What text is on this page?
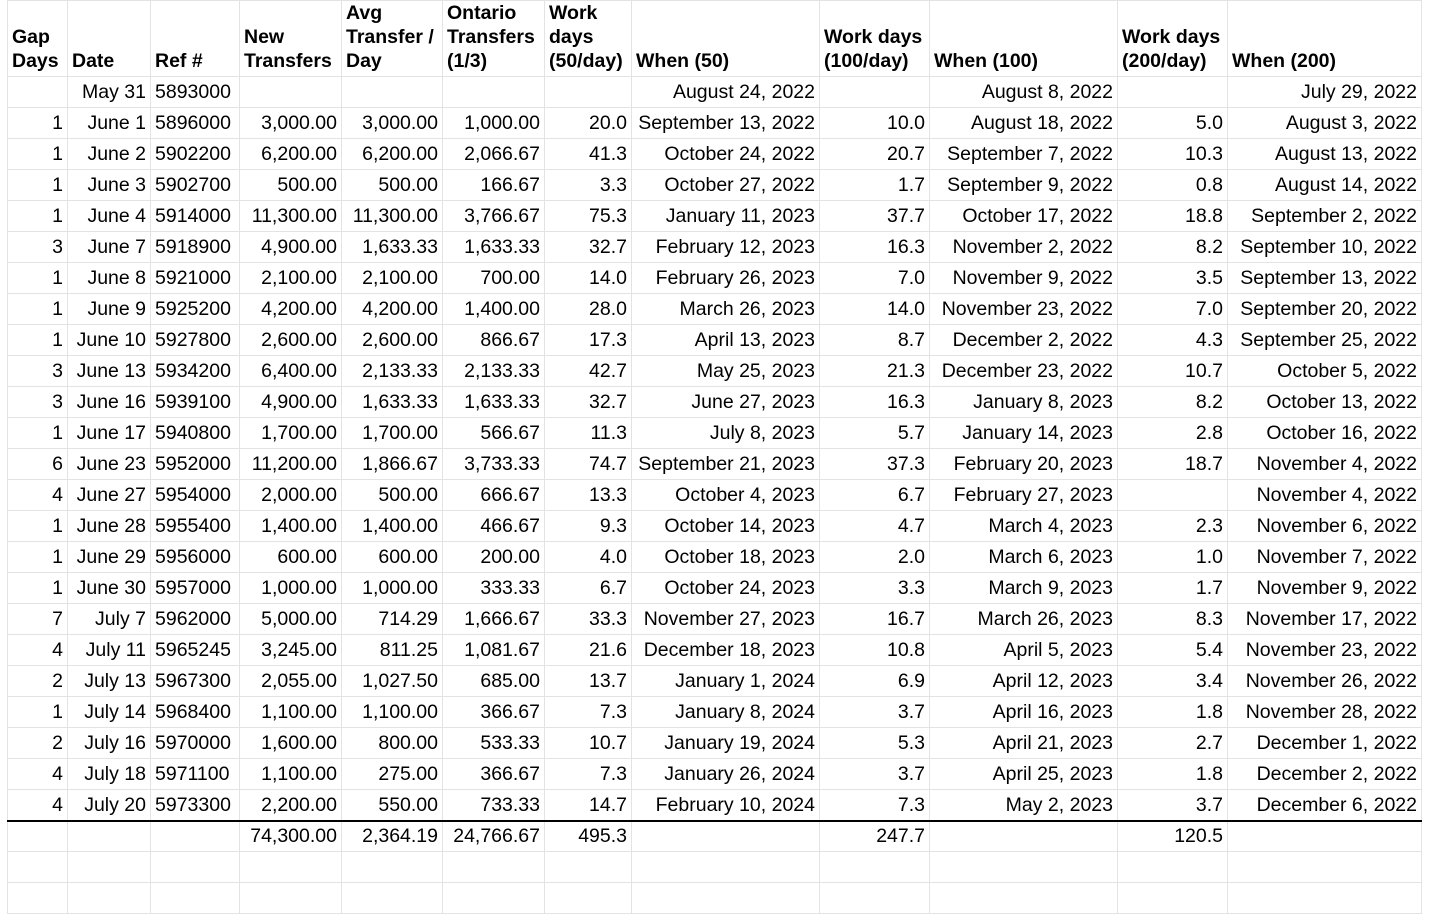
Gap Days	Date	Ref #	New Transfers	Avg Transfer / Day	Ontario Transfers (1/3)	Work days (50/day)	When (50)	Work days (100/day)	When (100)	Work days (200/day)	When (200)
	May 31	5893000					August 24, 2022		August 8, 2022		July 29, 2022
1	June 1	5896000	3,000.00	3,000.00	1,000.00	20.0	September 13, 2022	10.0	August 18, 2022	5.0	August 3, 2022
1	June 2	5902200	6,200.00	6,200.00	2,066.67	41.3	October 24, 2022	20.7	September 7, 2022	10.3	August 13, 2022
1	June 3	5902700	500.00	500.00	166.67	3.3	October 27, 2022	1.7	September 9, 2022	0.8	August 14, 2022
1	June 4	5914000	11,300.00	11,300.00	3,766.67	75.3	January 11, 2023	37.7	October 17, 2022	18.8	September 2, 2022
3	June 7	5918900	4,900.00	1,633.33	1,633.33	32.7	February 12, 2023	16.3	November 2, 2022	8.2	September 10, 2022
1	June 8	5921000	2,100.00	2,100.00	700.00	14.0	February 26, 2023	7.0	November 9, 2022	3.5	September 13, 2022
1	June 9	5925200	4,200.00	4,200.00	1,400.00	28.0	March 26, 2023	14.0	November 23, 2022	7.0	September 20, 2022
1	June 10	5927800	2,600.00	2,600.00	866.67	17.3	April 13, 2023	8.7	December 2, 2022	4.3	September 25, 2022
3	June 13	5934200	6,400.00	2,133.33	2,133.33	42.7	May 25, 2023	21.3	December 23, 2022	10.7	October 5, 2022
3	June 16	5939100	4,900.00	1,633.33	1,633.33	32.7	June 27, 2023	16.3	January 8, 2023	8.2	October 13, 2022
1	June 17	5940800	1,700.00	1,700.00	566.67	11.3	July 8, 2023	5.7	January 14, 2023	2.8	October 16, 2022
6	June 23	5952000	11,200.00	1,866.67	3,733.33	74.7	September 21, 2023	37.3	February 20, 2023	18.7	November 4, 2022
4	June 27	5954000	2,000.00	500.00	666.67	13.3	October 4, 2023	6.7	February 27, 2023		November 4, 2022
1	June 28	5955400	1,400.00	1,400.00	466.67	9.3	October 14, 2023	4.7	March 4, 2023	2.3	November 6, 2022
1	June 29	5956000	600.00	600.00	200.00	4.0	October 18, 2023	2.0	March 6, 2023	1.0	November 7, 2022
1	June 30	5957000	1,000.00	1,000.00	333.33	6.7	October 24, 2023	3.3	March 9, 2023	1.7	November 9, 2022
7	July 7	5962000	5,000.00	714.29	1,666.67	33.3	November 27, 2023	16.7	March 26, 2023	8.3	November 17, 2022
4	July 11	5965245	3,245.00	811.25	1,081.67	21.6	December 18, 2023	10.8	April 5, 2023	5.4	November 23, 2022
2	July 13	5967300	2,055.00	1,027.50	685.00	13.7	January 1, 2024	6.9	April 12, 2023	3.4	November 26, 2022
1	July 14	5968400	1,100.00	1,100.00	366.67	7.3	January 8, 2024	3.7	April 16, 2023	1.8	November 28, 2022
2	July 16	5970000	1,600.00	800.00	533.33	10.7	January 19, 2024	5.3	April 21, 2023	2.7	December 1, 2022
4	July 18	5971100	1,100.00	275.00	366.67	7.3	January 26, 2024	3.7	April 25, 2023	1.8	December 2, 2022
4	July 20	5973300	2,200.00	550.00	733.33	14.7	February 10, 2024	7.3	May 2, 2023	3.7	December 6, 2022
			74,300.00	2,364.19	24,766.67	495.3		247.7		120.5	
